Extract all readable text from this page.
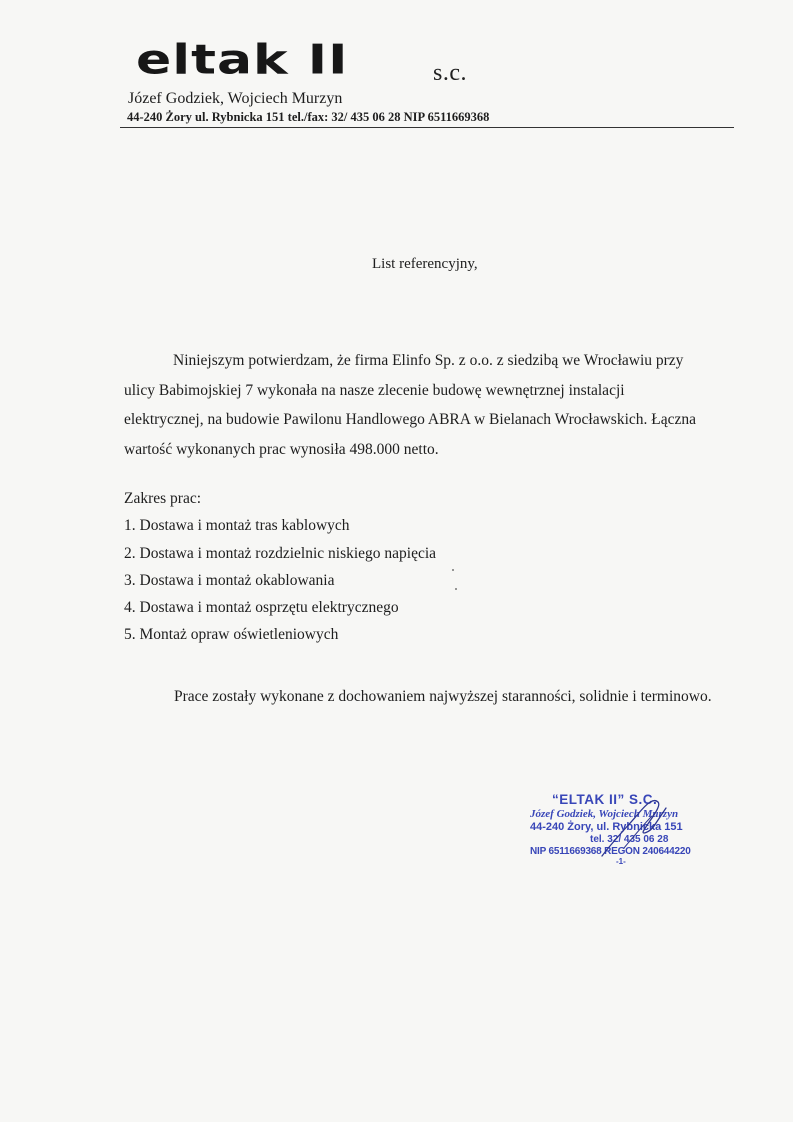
eltak II	s.c.
Józef Godziek, Wojciech Murzyn
44-240 Żory ul. Rybnicka 151 tel./fax: 32/ 435 06 28 NIP 6511669368
List referencyjny,

Niniejszym potwierdzam, że firma Elinfo Sp. z o.o. z siedzibą we Wrocławiu przy
ulicy Babimojskiej 7 wykonała na nasze zlecenie budowę wewnętrznej instalacji
elektrycznej, na budowie Pawilonu Handlowego ABRA w Bielanach Wrocławskich. Łączna
wartość wykonanych prac wynosiła 498.000 netto.

Zakres prac:
1. Dostawa i montaż tras kablowych
2. Dostawa i montaż rozdzielnic niskiego napięcia
3. Dostawa i montaż okablowania
4. Dostawa i montaż osprzętu elektrycznego
5. Montaż opraw oświetleniowych
Prace zostały wykonane z dochowaniem najwyższej staranności, solidnie i terminowo.
“ELTAK II” S.C.
Józef Godziek, Wojciech Murzyn
44-240 Żory, ul. Rybnicka 151
tel. 32/ 435 06 28
NIP 6511669368 REGON 240644220
-1-
